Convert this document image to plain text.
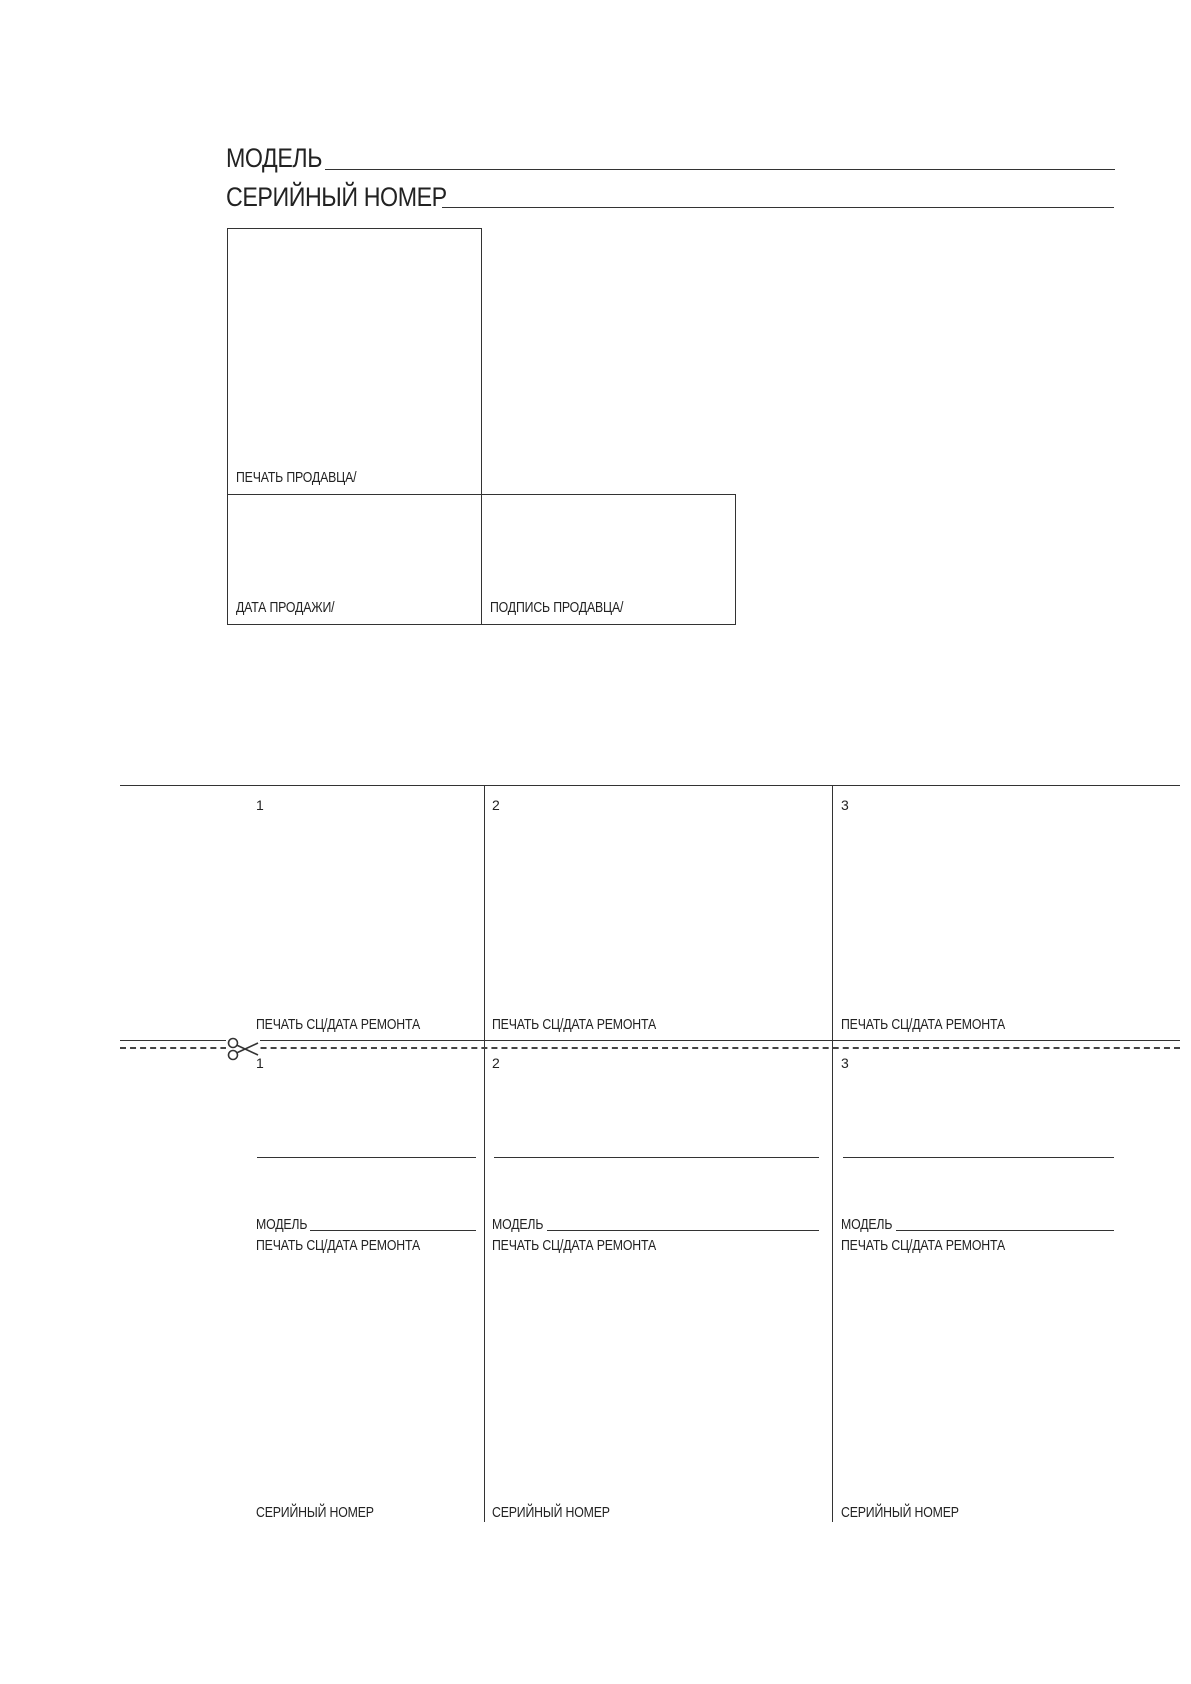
МОДЕЛЬ
СЕРИЙНЫЙ НОМЕР
ПЕЧАТЬ ПРОДАВЦА/
ДАТА ПРОДАЖИ/	ПОДПИСЬ ПРОДАВЦА/
1	2	3
ПЕЧАТЬ СЦ/ДАТА РЕМОНТА	ПЕЧАТЬ СЦ/ДАТА РЕМОНТА	ПЕЧАТЬ СЦ/ДАТА РЕМОНТА
1	2	3
МОДЕЛЬ	МОДЕЛЬ	МОДЕЛЬ
ПЕЧАТЬ СЦ/ДАТА РЕМОНТА	ПЕЧАТЬ СЦ/ДАТА РЕМОНТА	ПЕЧАТЬ СЦ/ДАТА РЕМОНТА
СЕРИЙНЫЙ НОМЕР	СЕРИЙНЫЙ НОМЕР	СЕРИЙНЫЙ НОМЕР
